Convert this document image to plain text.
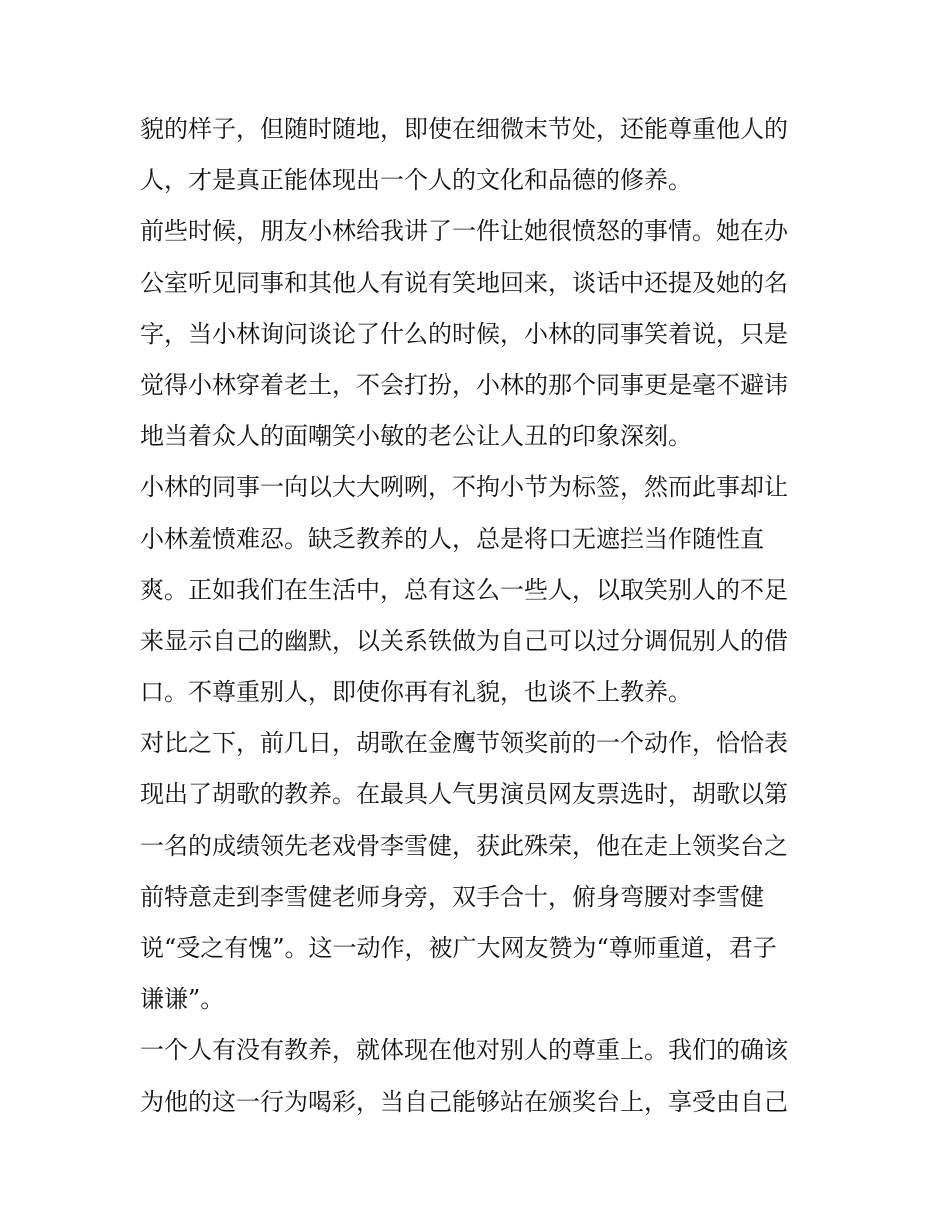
貌的样子，但随时随地，即使在细微末节处，还能尊重他人的
人，才是真正能体现出一个人的文化和品德的修养。
前些时候，朋友小林给我讲了一件让她很愤怒的事情。她在办
公室听见同事和其他人有说有笑地回来，谈话中还提及她的名
字，当小林询问谈论了什么的时候，小林的同事笑着说，只是
觉得小林穿着老土，不会打扮，小林的那个同事更是毫不避讳
地当着众人的面嘲笑小敏的老公让人丑的印象深刻。
小林的同事一向以大大咧咧，不拘小节为标签，然而此事却让
小林羞愤难忍。缺乏教养的人，总是将口无遮拦当作随性直
爽。正如我们在生活中，总有这么一些人，以取笑别人的不足
来显示自己的幽默，以关系铁做为自己可以过分调侃别人的借
口。不尊重别人，即使你再有礼貌，也谈不上教养。
对比之下，前几日，胡歌在金鹰节领奖前的一个动作，恰恰表
现出了胡歌的教养。在最具人气男演员网友票选时，胡歌以第
一名的成绩领先老戏骨李雪健，获此殊荣，他在走上领奖台之
前特意走到李雪健老师身旁，双手合十，俯身弯腰对李雪健
说“受之有愧”。这一动作，被广大网友赞为“尊师重道，君子
谦谦”。
一个人有没有教养，就体现在他对别人的尊重上。我们的确该
为他的这一行为喝彩，当自己能够站在颁奖台上，享受由自己
